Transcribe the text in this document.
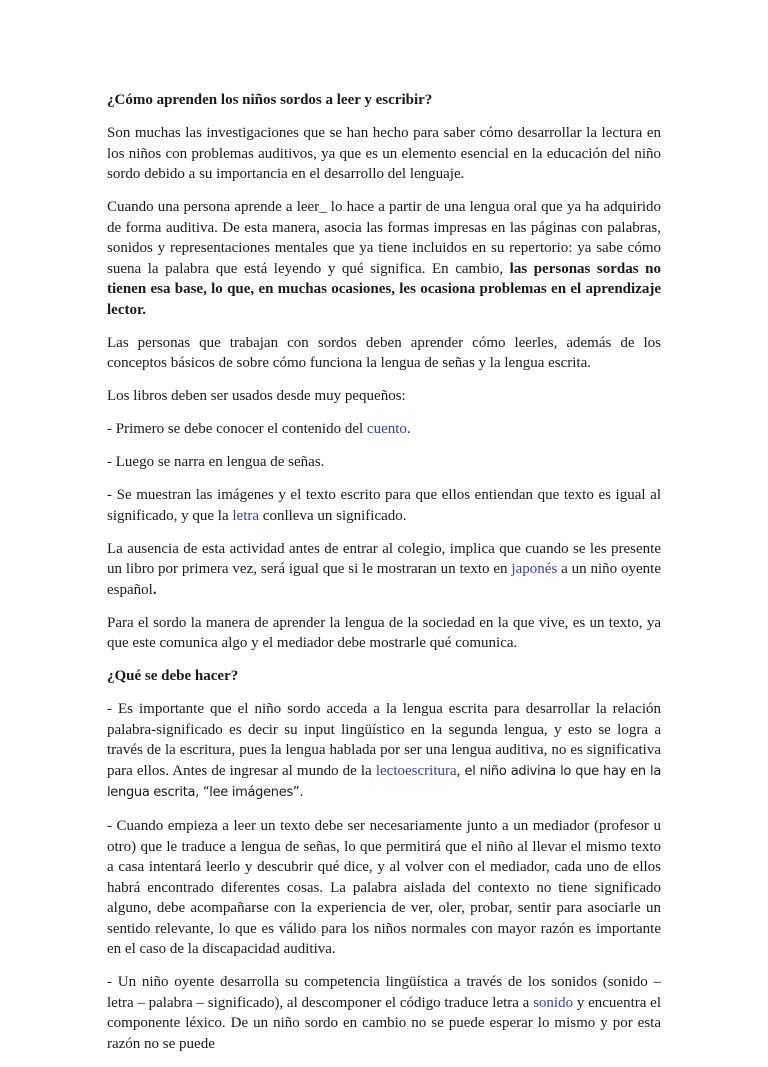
¿Cómo aprenden los niños sordos a leer y escribir?

Son muchas las investigaciones que se han hecho para saber cómo desarrollar la lectura en los niños con problemas auditivos, ya que es un elemento esencial en la educación del niño sordo debido a su importancia en el desarrollo del lenguaje.

Cuando una persona aprende a leer_ lo hace a partir de una lengua oral que ya ha adquirido de forma auditiva. De esta manera, asocia las formas impresas en las páginas con palabras, sonidos y representaciones mentales que ya tiene incluidos en su repertorio: ya sabe cómo suena la palabra que está leyendo y qué significa. En cambio, las personas sordas no tienen esa base, lo que, en muchas ocasiones, les ocasiona problemas en el aprendizaje lector.

Las personas que trabajan con sordos deben aprender cómo leerles, además de los conceptos básicos de sobre cómo funciona la lengua de señas y la lengua escrita.

Los libros deben ser usados desde muy pequeños:

- Primero se debe conocer el contenido del cuento.

- Luego se narra en lengua de señas.

- Se muestran las imágenes y el texto escrito para que ellos entiendan que texto es igual al significado, y que la letra conlleva un significado.

La ausencia de esta actividad antes de entrar al colegio, implica que cuando se les presente un libro por primera vez, será igual que si le mostraran un texto en japonés a un niño oyente español.

Para el sordo la manera de aprender la lengua de la sociedad en la que vive, es un texto, ya que este comunica algo y el mediador debe mostrarle qué comunica.

¿Qué se debe hacer?

- Es importante que el niño sordo acceda a la lengua escrita para desarrollar la relación palabra-significado es decir su input lingüístico en la segunda lengua, y esto se logra a través de la escritura, pues la lengua hablada por ser una lengua auditiva, no es significativa para ellos. Antes de ingresar al mundo de la lectoescritura, el niño adivina lo que hay en la lengua escrita, “lee imágenes”.

- Cuando empieza a leer un texto debe ser necesariamente junto a un mediador (profesor u otro) que le traduce a lengua de señas, lo que permitirá que el niño al llevar el mismo texto a casa intentará leerlo y descubrir qué dice, y al volver con el mediador, cada uno de ellos habrá encontrado diferentes cosas. La palabra aislada del contexto no tiene significado alguno, debe acompañarse con la experiencia de ver, oler, probar, sentir para asociarle un sentido relevante, lo que es válido para los niños normales con mayor razón es importante en el caso de la discapacidad auditiva.

- Un niño oyente desarrolla su competencia lingüística a través de los sonidos (sonido – letra – palabra – significado), al descomponer el código traduce letra a sonido y encuentra el componente léxico. De un niño sordo en cambio no se puede esperar lo mismo y por esta razón no se puede
